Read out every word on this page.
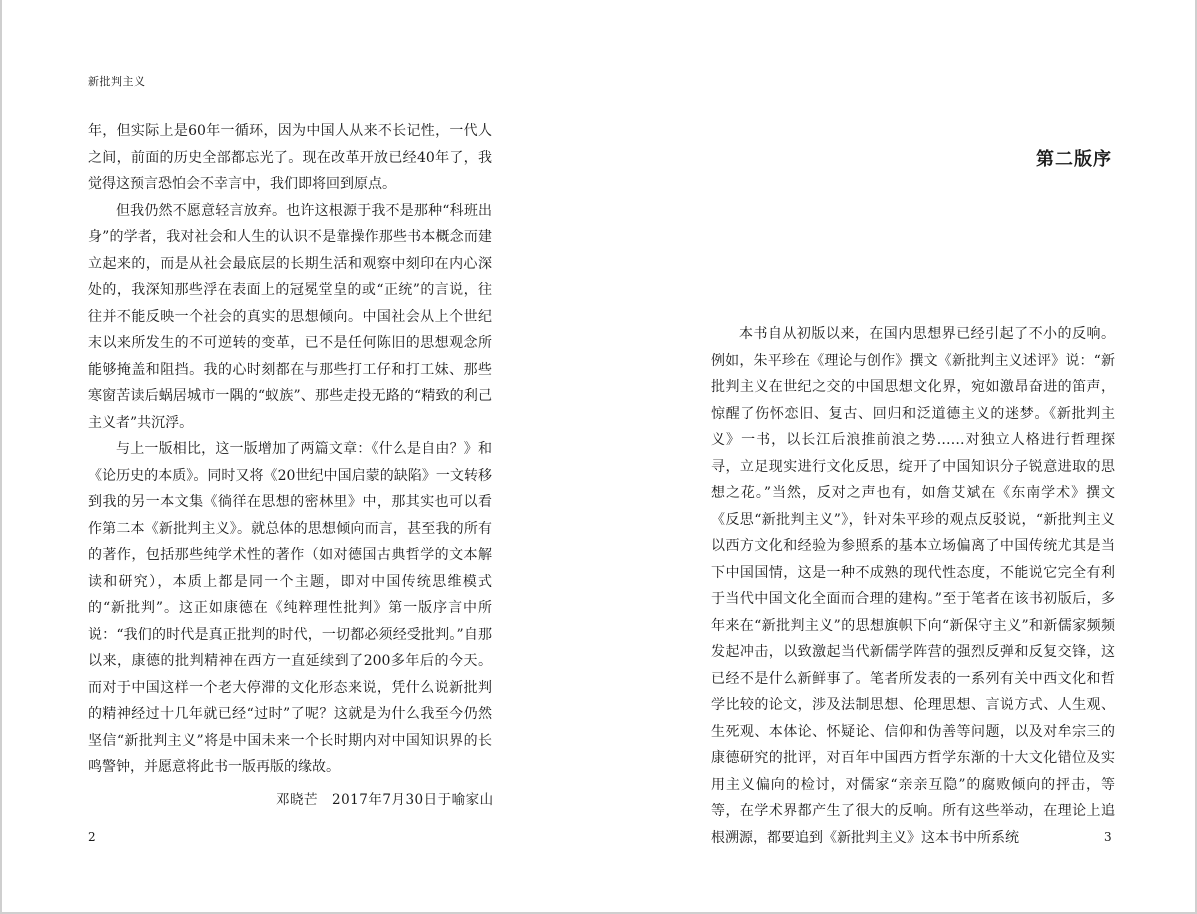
新批判主义

年，但实际上是60年一循环，因为中国人从来不长记性，一代人之间，前面的历史全部都忘光了。现在改革开放已经40年了，我觉得这预言恐怕会不幸言中，我们即将回到原点。

但我仍然不愿意轻言放弃。也许这根源于我不是那种“科班出身”的学者，我对社会和人生的认识不是靠操作那些书本概念而建立起来的，而是从社会最底层的长期生活和观察中刻印在内心深处的，我深知那些浮在表面上的冠冕堂皇的或“正统”的言说，往往并不能反映一个社会的真实的思想倾向。中国社会从上个世纪末以来所发生的不可逆转的变革，已不是任何陈旧的思想观念所能够掩盖和阻挡。我的心时刻都在与那些打工仔和打工妹、那些寒窗苦读后蜗居城市一隅的“蚁族”、那些走投无路的“精致的利己主义者”共沉浮。

与上一版相比，这一版增加了两篇文章：《什么是自由？》和《论历史的本质》。同时又将《20世纪中国启蒙的缺陷》一文转移到我的另一本文集《徜徉在思想的密林里》中，那其实也可以看作第二本《新批判主义》。就总体的思想倾向而言，甚至我的所有的著作，包括那些纯学术性的著作（如对德国古典哲学的文本解读和研究），本质上都是同一个主题，即对中国传统思维模式的“新批判”。这正如康德在《纯粹理性批判》第一版序言中所说：“我们的时代是真正批判的时代，一切都必须经受批判。”自那以来，康德的批判精神在西方一直延续到了200多年后的今天。而对于中国这样一个老大停滞的文化形态来说，凭什么说新批判的精神经过十几年就已经“过时”了呢？这就是为什么我至今仍然坚信“新批判主义”将是中国未来一个长时期内对中国知识界的长鸣警钟，并愿意将此书一版再版的缘故。

邓晓芒　2017年7月30日于喻家山
2
第二版序

本书自从初版以来，在国内思想界已经引起了不小的反响。例如，朱平珍在《理论与创作》撰文《新批判主义述评》说：“新批判主义在世纪之交的中国思想文化界，宛如激昂奋进的笛声，惊醒了伤怀恋旧、复古、回归和泛道德主义的迷梦。《新批判主义》一书，以长江后浪推前浪之势……对独立人格进行哲理探寻，立足现实进行文化反思，绽开了中国知识分子锐意进取的思想之花。”当然，反对之声也有，如詹艾斌在《东南学术》撰文《反思“新批判主义”》，针对朱平珍的观点反驳说，“新批判主义以西方文化和经验为参照系的基本立场偏离了中国传统尤其是当下中国国情，这是一种不成熟的现代性态度，不能说它完全有利于当代中国文化全面而合理的建构。”至于笔者在该书初版后，多年来在“新批判主义”的思想旗帜下向“新保守主义”和新儒家频频发起冲击，以致激起当代新儒学阵营的强烈反弹和反复交锋，这已经不是什么新鲜事了。笔者所发表的一系列有关中西文化和哲学比较的论文，涉及法制思想、伦理思想、言说方式、人生观、生死观、本体论、怀疑论、信仰和伪善等问题，以及对牟宗三的康德研究的批评，对百年中国西方哲学东渐的十大文化错位及实用主义偏向的检讨，对儒家“亲亲互隐”的腐败倾向的抨击，等等，在学术界都产生了很大的反响。所有这些举动，在理论上追根溯源，都要追到《新批判主义》这本书中所系统	3
